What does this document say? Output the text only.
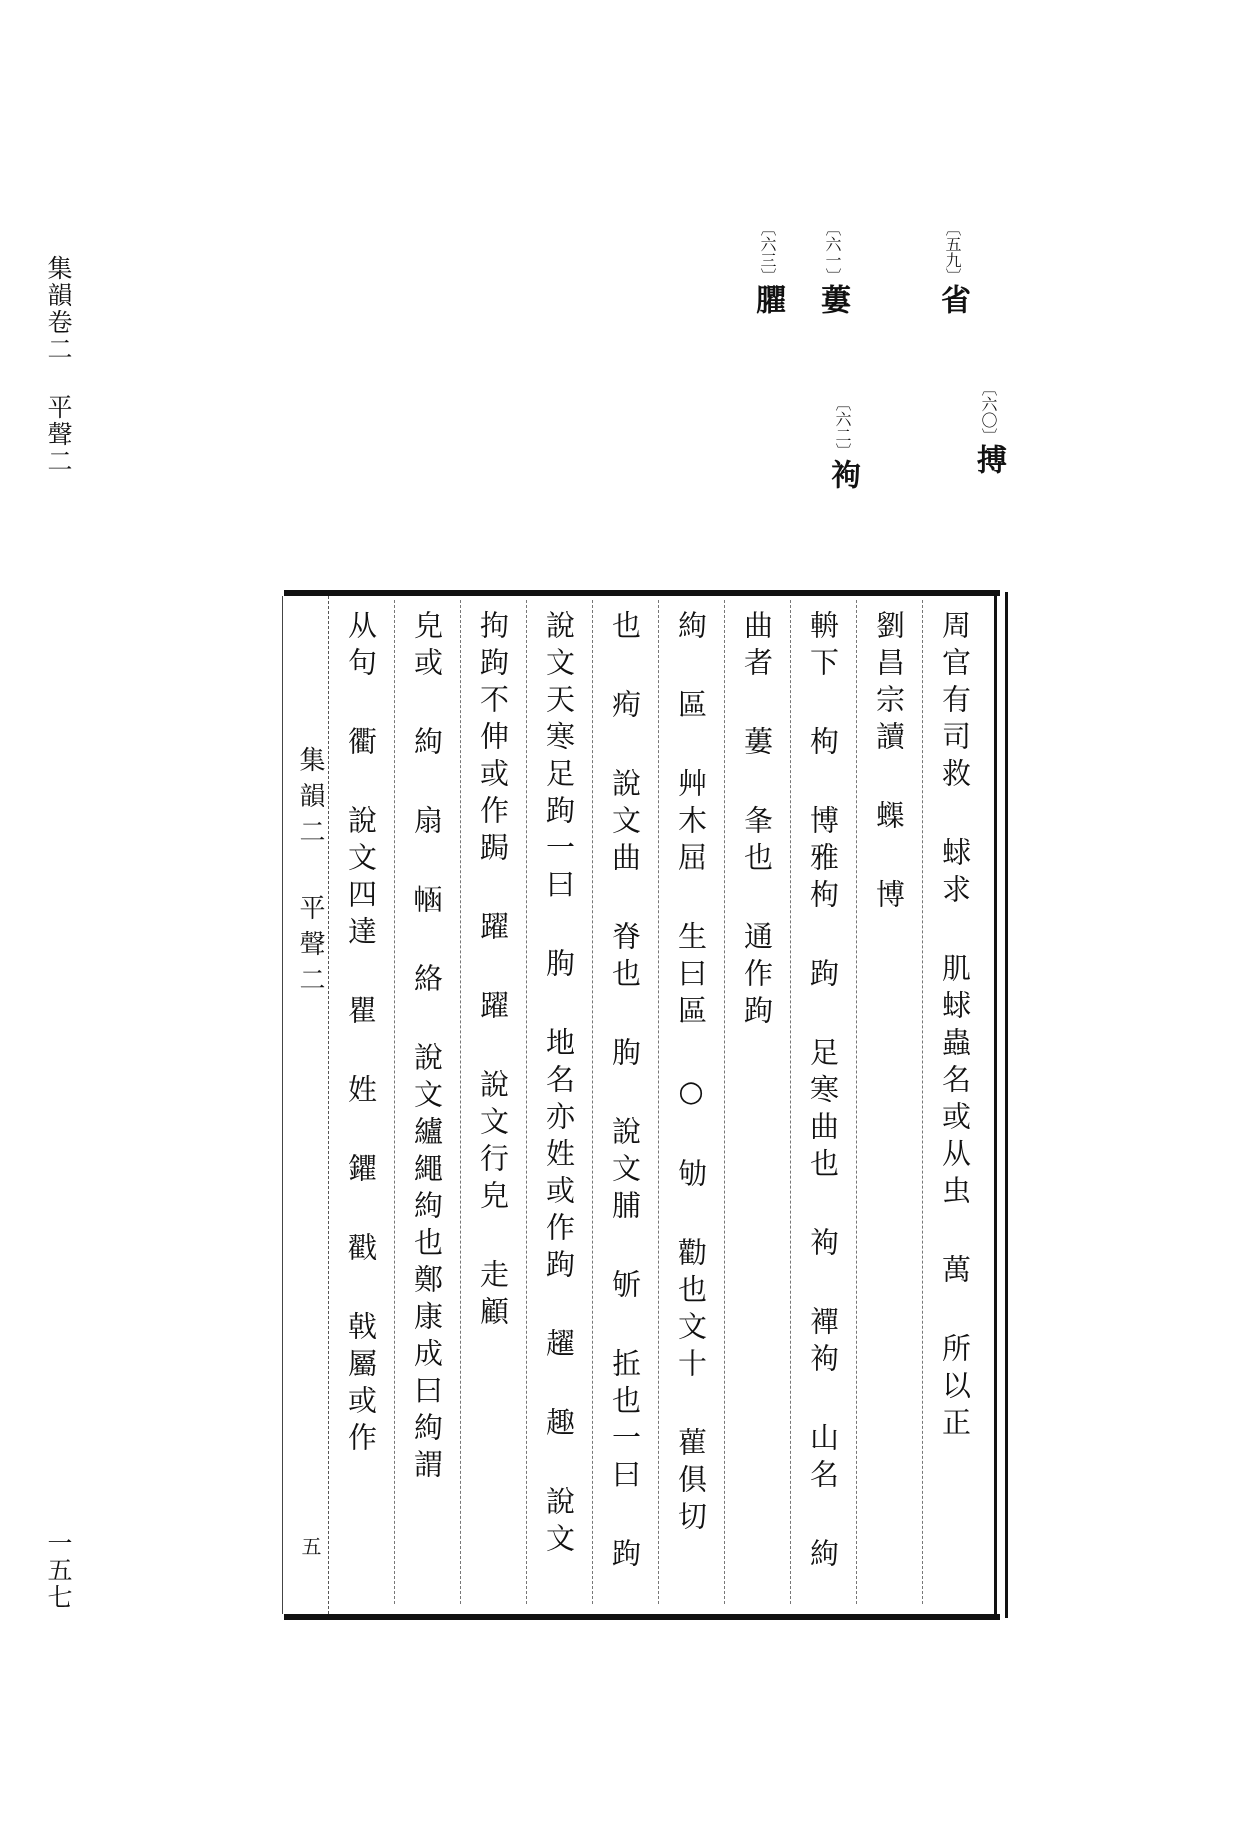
集韻卷二 平聲二
一五七
〔五九〕省
〔六〇〕搏
〔六一〕蔞
〔六二〕袧
〔六三〕臞
集韻二 平聲二
五
周官有司救 蛷求 肌蛷蟲名或从虫 萬 所以正
劉昌宗讀 蟝 博
輈下 枸 博雅枸 跔 足寒曲也 袧 襌袧 山名 絇
曲者 蔞 夆也 通作跔
絇 區 艸木屈 生曰區 ○ 劬 勸也文十 雚俱切
也 痀 說文曲 脊也 朐 說文脯 斪 拞也一曰 跔
說文天寒足跔一曰 朐 地名亦姓或作跔 趯 趣 說文
拘跔不伸或作跼 躍 躍 說文行皃 走顧
皃或 絇 扇 𢃗 絡 說文纑繩絇也鄭康成曰絇謂
从句 衢 說文四達 瞿 姓 鑺 戳 戟屬或作
